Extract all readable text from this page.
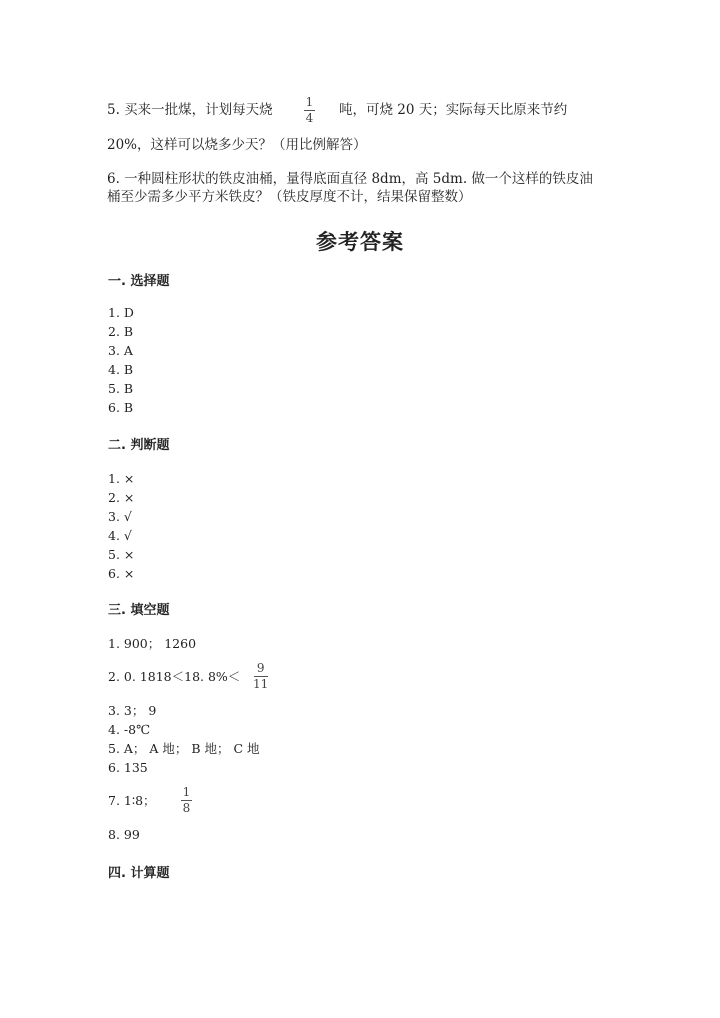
5. 买来一批煤，计划每天烧	1
4 吨，可烧 20 天；实际每天比原来节约
20%，这样可以烧多少天？（用比例解答）
6. 一种圆柱形状的铁皮油桶，量得底面直径 8dm，高 5dm. 做一个这样的铁皮油
桶至少需多少平方米铁皮？（铁皮厚度不计，结果保留整数）
参考答案
一. 选择题
1. D
2. B
3. A
4. B
5. B
6. B
二. 判断题
1. ×
2. ×
3. √
4. √
5. ×
6. ×
三. 填空题
1. 900； 1260
2. 0. 1818＜18. 8%＜
9
11
3. 3； 9
4. -8℃
5. A； A 地； B 地； C 地
6. 135
7. 1∶8；
1
8
8. 99
四. 计算题
